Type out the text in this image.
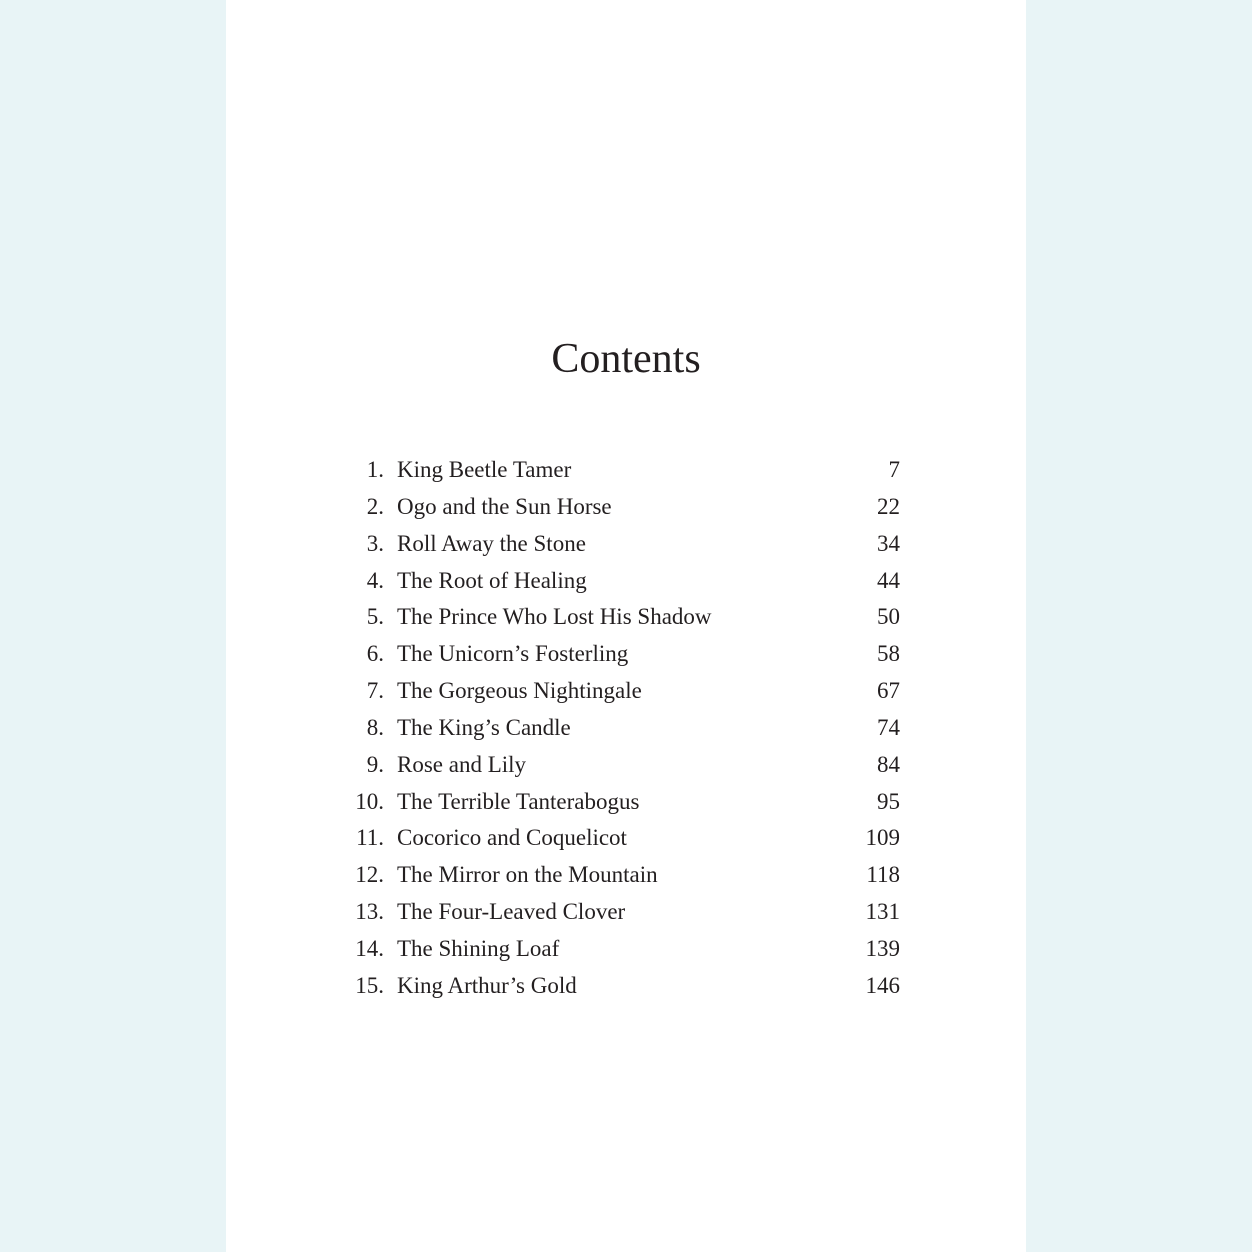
Contents
1. King Beetle Tamer	7
2. Ogo and the Sun Horse	22
3. Roll Away the Stone	34
4. The Root of Healing	44
5. The Prince Who Lost His Shadow	50
6. The Unicorn’s Fosterling	58
7. The Gorgeous Nightingale	67
8. The King’s Candle	74
9. Rose and Lily	84
10. The Terrible Tanterabogus	95
11. Cocorico and Coquelicot	109
12. The Mirror on the Mountain	118
13. The Four-Leaved Clover	131
14. The Shining Loaf	139
15. King Arthur’s Gold	146
